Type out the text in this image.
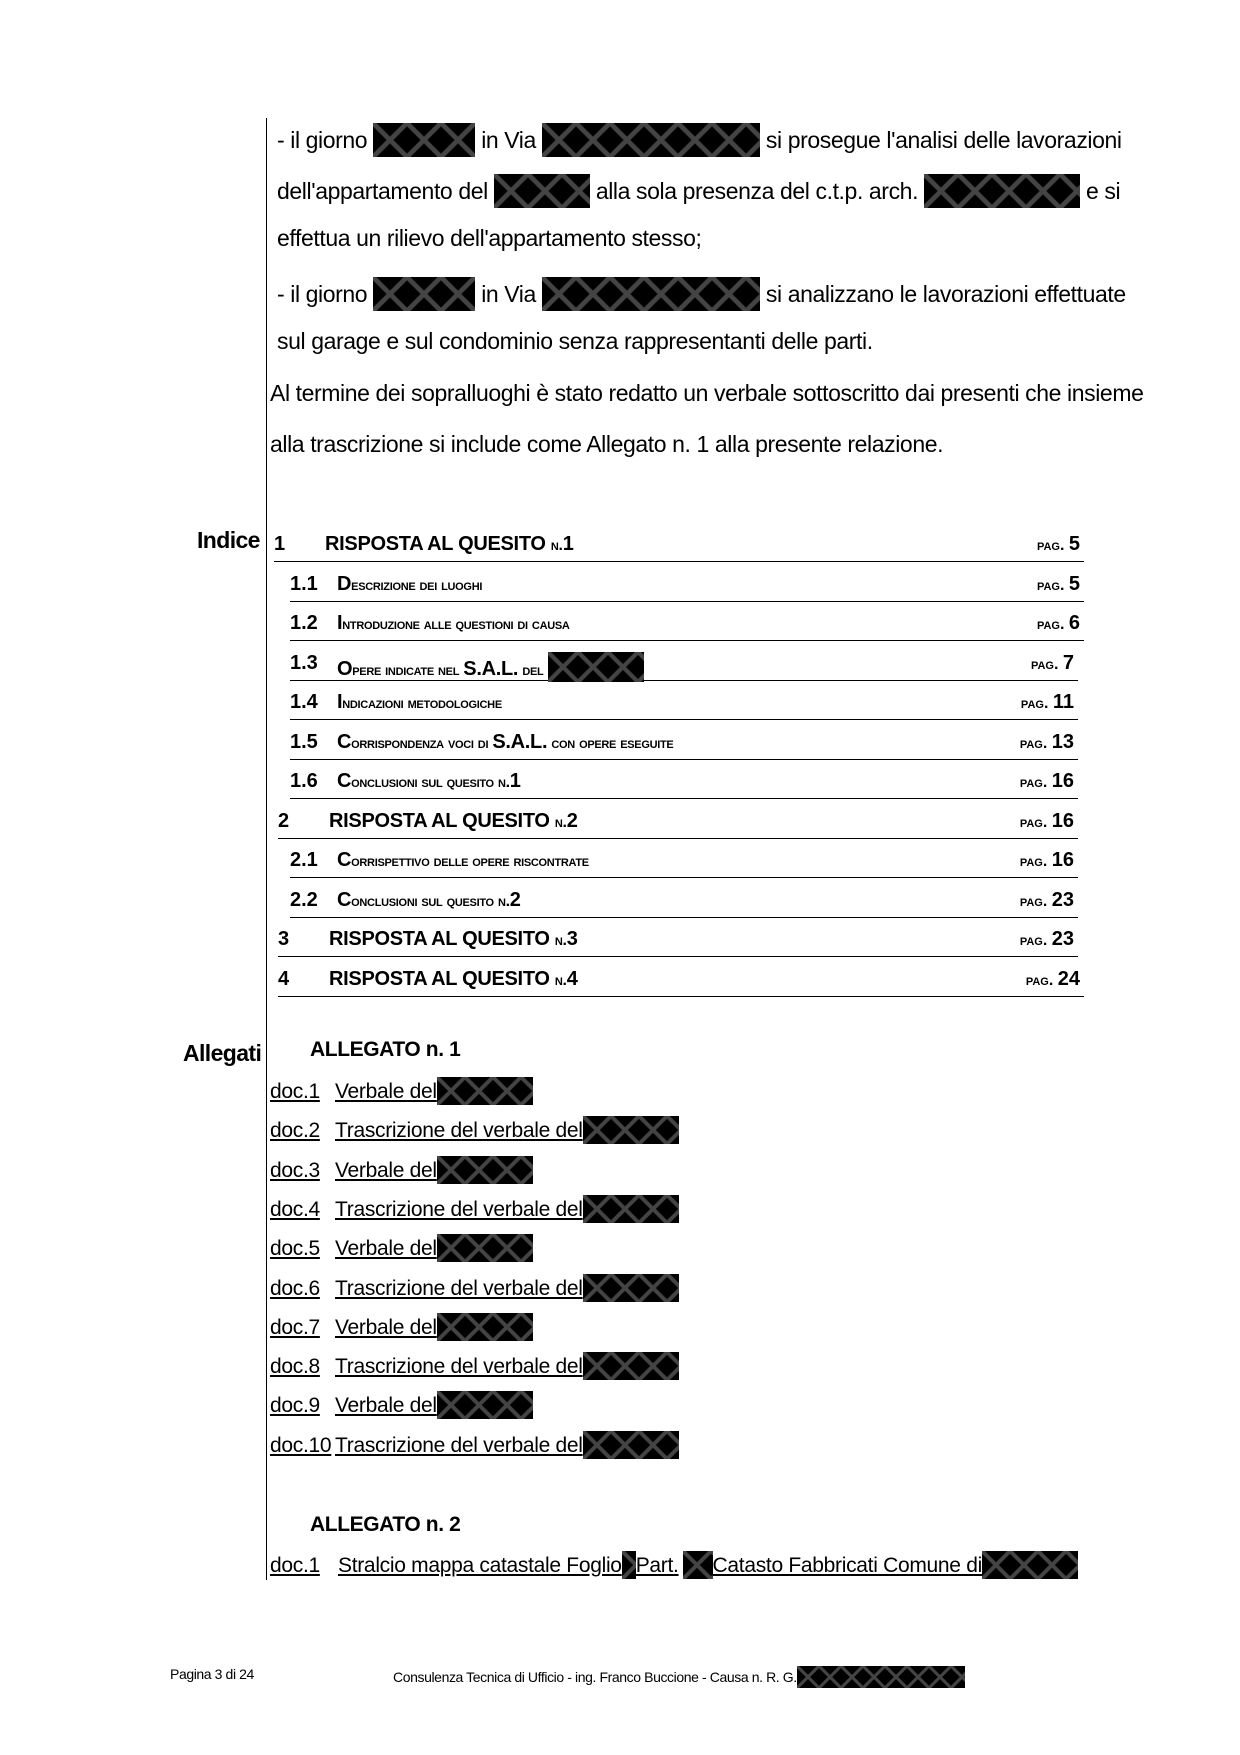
- il giorno	in Via	si prosegue l'analisi delle lavorazioni
dell'appartamento del	alla sola presenza del c.t.p. arch.	e si
effettua un rilievo dell'appartamento stesso;
- il giorno	in Via	si analizzano le lavorazioni effettuate
sul garage e sul condominio senza rappresentanti delle parti.
Al termine dei sopralluoghi è stato redatto un verbale sottoscritto dai presenti che insieme
alla trascrizione si include come Allegato n. 1 alla presente relazione.
Indice 1 RISPOSTA AL QUESITO n.1	pag. 5
1.1 Descrizione dei luoghi	pag. 5
1.2 Introduzione alle questioni di causa	pag. 6
1.3 Opere indicate nel S.A.L. del	pag. 7
1.4 Indicazioni metodologiche	pag. 11
1.5 Corrispondenza voci di S.A.L. con opere eseguite	pag. 13
1.6 Conclusioni sul quesito n.1	pag. 16
2 RISPOSTA AL QUESITO n.2	pag. 16
2.1 Corrispettivo delle opere riscontrate	pag. 16
2.2 Conclusioni sul quesito n.2	pag. 23
3 RISPOSTA AL QUESITO n.3	pag. 23
4 RISPOSTA AL QUESITO n.4	pag. 24
Allegati ALLEGATO n. 1
doc.1 Verbale del
doc.2 Trascrizione del verbale del
doc.3 Verbale del
doc.4 Trascrizione del verbale del
doc.5 Verbale del
doc.6 Trascrizione del verbale del
doc.7 Verbale del
doc.8 Trascrizione del verbale del
doc.9 Verbale del
doc.10 Trascrizione del verbale del
ALLEGATO n. 2
doc.1 Stralcio mappa catastale Foglio Part. Catasto Fabbricati Comune di
Pagina 3 di 24	Consulenza Tecnica di Ufficio - ing. Franco Buccione - Causa n. R. G.
